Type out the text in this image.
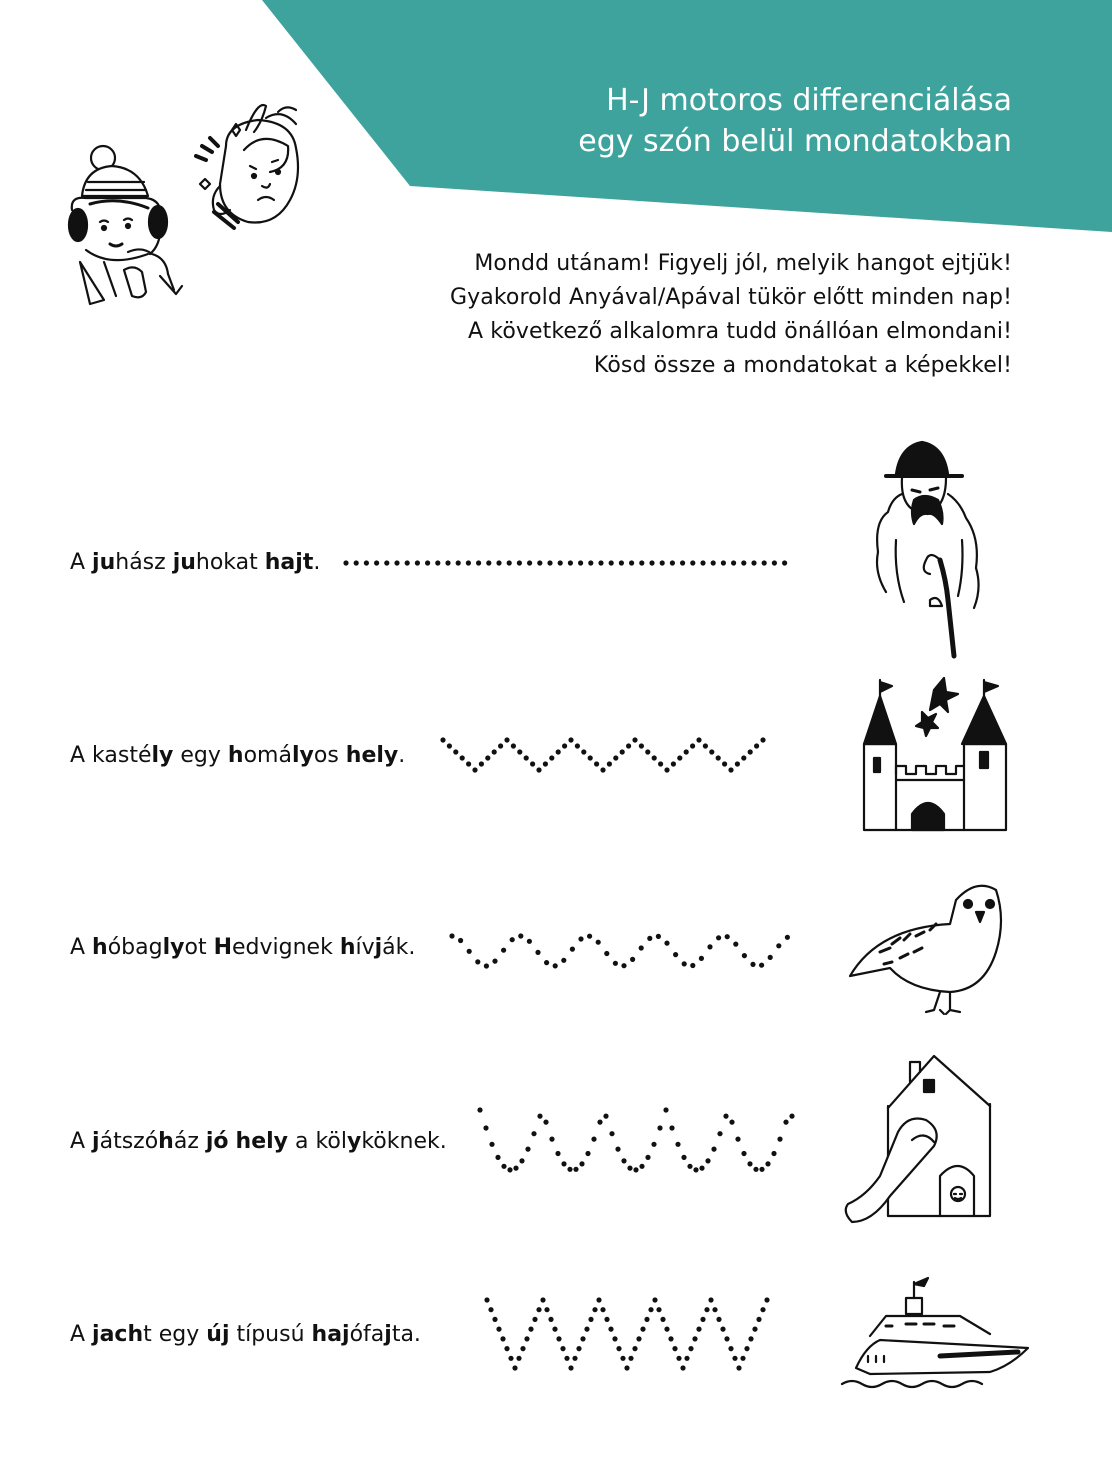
H-J motoros differenciálása
egy szón belül mondatokban
Mondd utánam! Figyelj jól, melyik hangot ejtjük!
Gyakorold Anyával/Apával tükör előtt minden nap!
A következő alkalomra tudd önállóan elmondani!
Kösd össze a mondatokat a képekkel!
A juhász juhokat hajt.
A kastély egy homályos hely.
A hóbaglyot Hedvignek hívják.
A játszóház jó hely a kölyköknek.
A jacht egy új típusú hajófajta.
